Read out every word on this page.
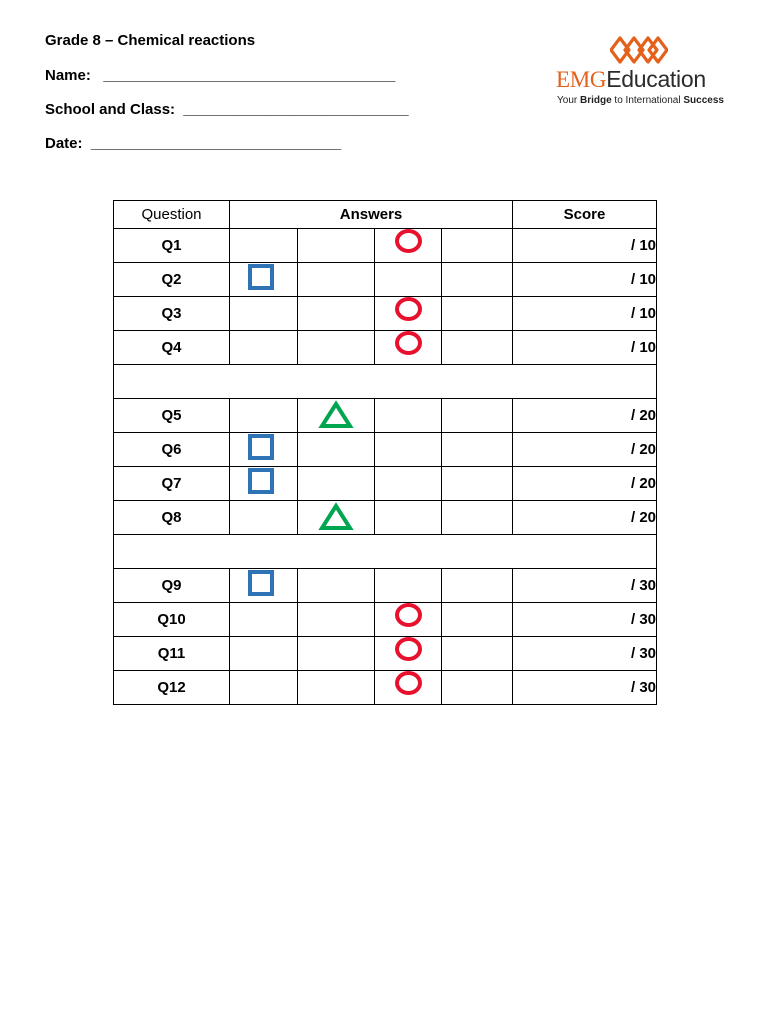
Grade 8 – Chemical reactions
Name:   ___________________________________
School and Class:  ___________________________
Date:  ______________________________
EMGEducation
Your Bridge to International Success
Question	Answers				Score
Q1					/ 10
Q2					/ 10
Q3					/ 10
Q4					/ 10

Q5					/ 20
Q6					/ 20
Q7					/ 20
Q8					/ 20

Q9					/ 30
Q10					/ 30
Q11					/ 30
Q12					/ 30
